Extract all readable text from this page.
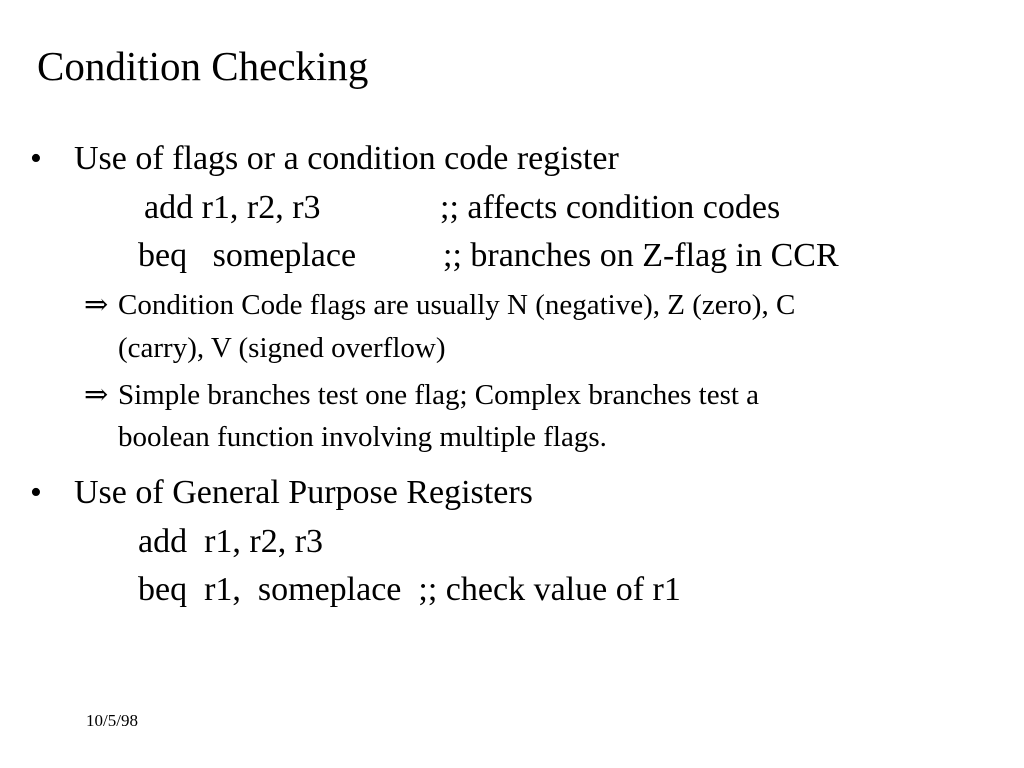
Condition Checking
• Use of flags or a condition code register
add r1, r2, r3	;; affects condition codes
beq   someplace	;; branches on Z-flag in CCR
⇒ Condition Code flags are usually N (negative), Z (zero), C
(carry), V (signed overflow)
⇒ Simple branches test one flag; Complex branches test a
boolean function involving multiple flags.
• Use of General Purpose Registers
add  r1, r2, r3
beq  r1,  someplace  ;; check value of r1
10/5/98
